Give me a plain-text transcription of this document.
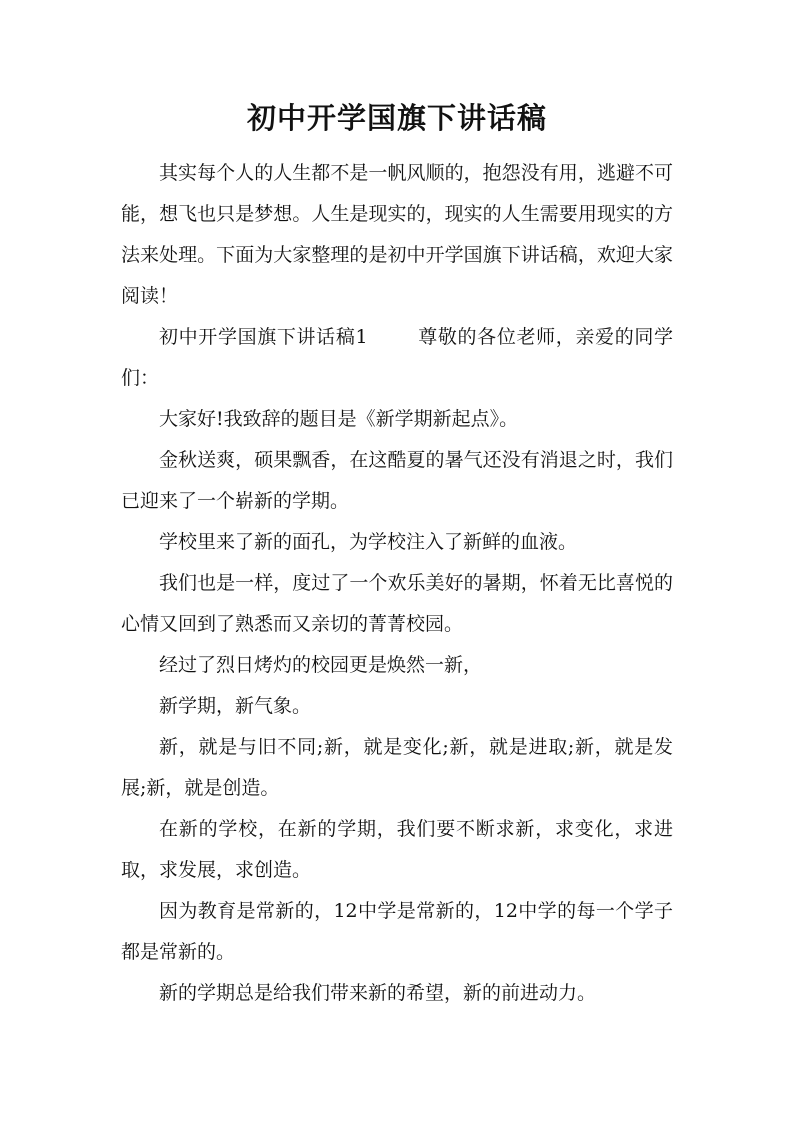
初中开学国旗下讲话稿

其实每个人的人生都不是一帆风顺的，抱怨没有用，逃避不可能，想飞也只是梦想。人生是现实的，现实的人生需要用现实的方法来处理。下面为大家整理的是初中开学国旗下讲话稿，欢迎大家阅读！

初中开学国旗下讲话稿1	尊敬的各位老师，亲爱的同学们：

大家好!我致辞的题目是《新学期新起点》。

金秋送爽，硕果飘香，在这酷夏的暑气还没有消退之时，我们已迎来了一个崭新的学期。

学校里来了新的面孔，为学校注入了新鲜的血液。

我们也是一样，度过了一个欢乐美好的暑期，怀着无比喜悦的心情又回到了熟悉而又亲切的菁菁校园。

经过了烈日烤灼的校园更是焕然一新，

新学期，新气象。

新，就是与旧不同;新，就是变化;新，就是进取;新，就是发展;新，就是创造。

在新的学校，在新的学期，我们要不断求新，求变化，求进取，求发展，求创造。

因为教育是常新的，12中学是常新的，12中学的每一个学子都是常新的。

新的学期总是给我们带来新的希望，新的前进动力。
